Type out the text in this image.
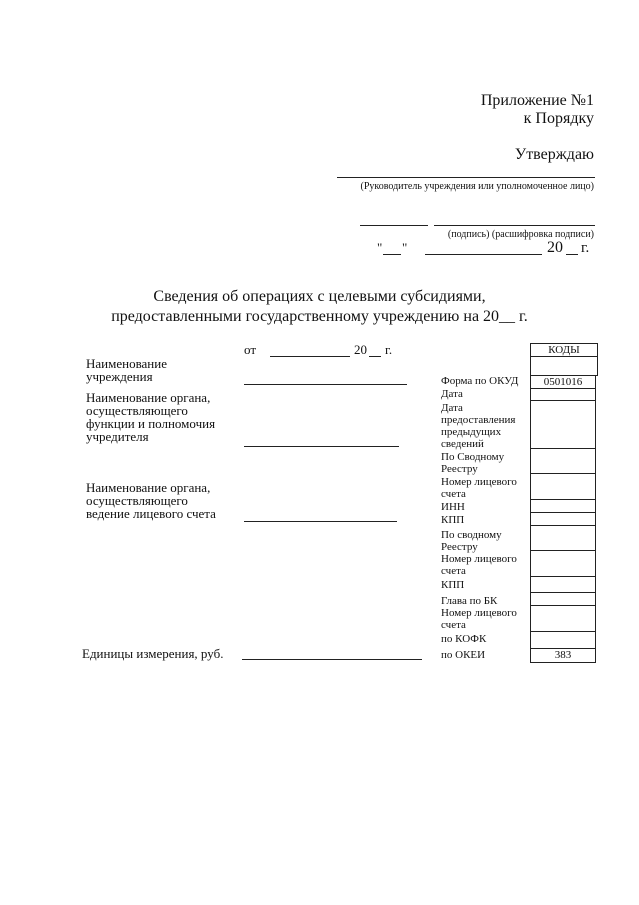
Приложение №1
к Порядку
Утверждаю
(Руководитель учреждения или уполномоченное лицо)
(подпись) (расшифровка подписи)
" "	20 г.
Сведения об операциях с целевыми субсидиями,
предоставленными государственному учреждению на 20__ г.
от	20 г.
Наименование
учреждения
Наименование органа,
осуществляющего
функции и полномочия
учредителя
Наименование органа,
осуществляющего
ведение лицевого счета
Единицы измерения, руб.
КОДЫ
Форма по ОКУД
Дата
Дата
предоставления
предыдущих
сведений
По Сводному
Реестру
Номер лицевого
счета
ИНН
КПП
По сводному
Реестру
Номер лицевого
счета
КПП
Глава по БК
Номер лицевого
счета
по КОФК
по ОКЕИ
0501016
383
